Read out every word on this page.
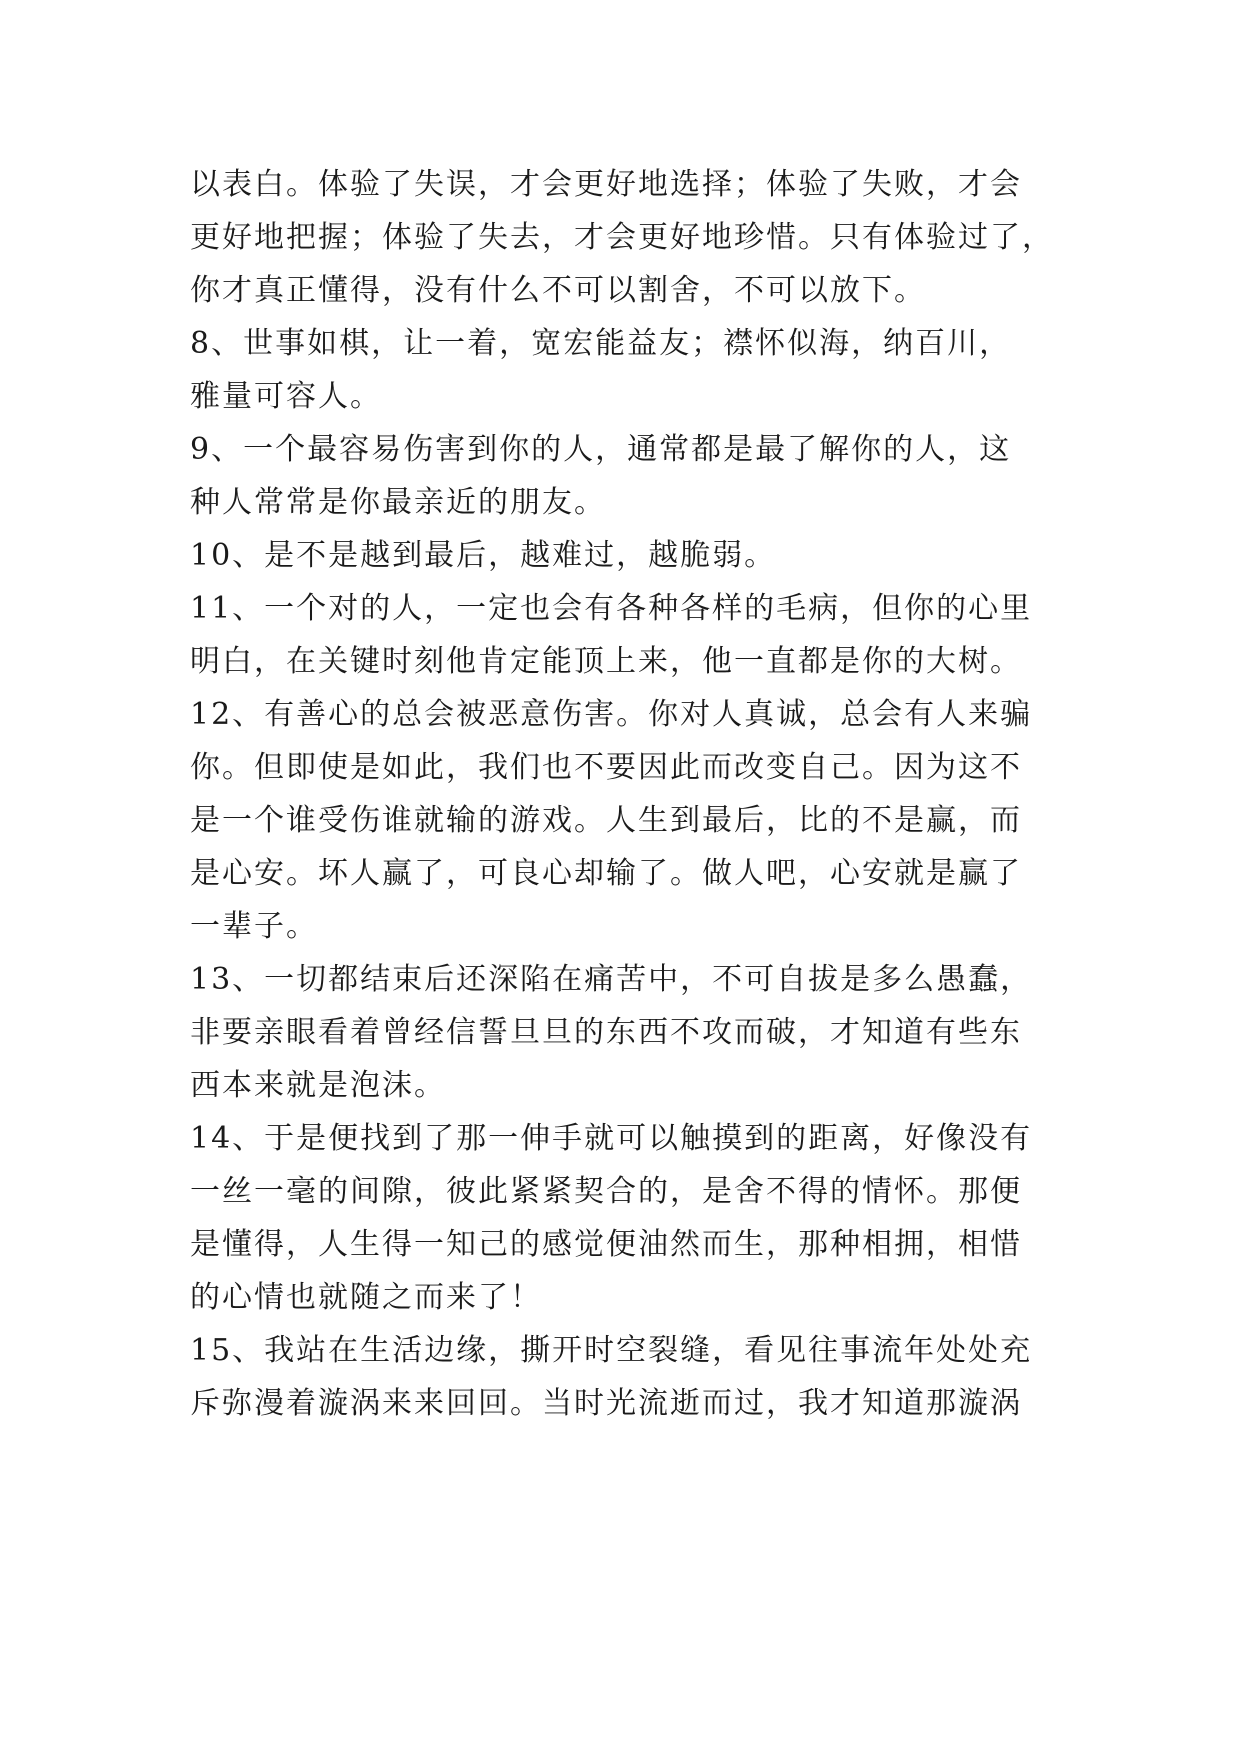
以表白。体验了失误，才会更好地选择；体验了失败，才会
更好地把握；体验了失去，才会更好地珍惜。只有体验过了，
你才真正懂得，没有什么不可以割舍，不可以放下。
8、世事如棋，让一着，宽宏能益友；襟怀似海，纳百川，
雅量可容人。
9、一个最容易伤害到你的人，通常都是最了解你的人，这
种人常常是你最亲近的朋友。
10、是不是越到最后，越难过，越脆弱。
11、一个对的人，一定也会有各种各样的毛病，但你的心里
明白，在关键时刻他肯定能顶上来，他一直都是你的大树。
12、有善心的总会被恶意伤害。你对人真诚，总会有人来骗
你。但即使是如此，我们也不要因此而改变自己。因为这不
是一个谁受伤谁就输的游戏。人生到最后，比的不是赢，而
是心安。坏人赢了，可良心却输了。做人吧，心安就是赢了
一辈子。
13、一切都结束后还深陷在痛苦中，不可自拔是多么愚蠢，
非要亲眼看着曾经信誓旦旦的东西不攻而破，才知道有些东
西本来就是泡沫。
14、于是便找到了那一伸手就可以触摸到的距离，好像没有
一丝一毫的间隙，彼此紧紧契合的，是舍不得的情怀。那便
是懂得，人生得一知己的感觉便油然而生，那种相拥，相惜
的心情也就随之而来了！
15、我站在生活边缘，撕开时空裂缝，看见往事流年处处充
斥弥漫着漩涡来来回回。当时光流逝而过，我才知道那漩涡
